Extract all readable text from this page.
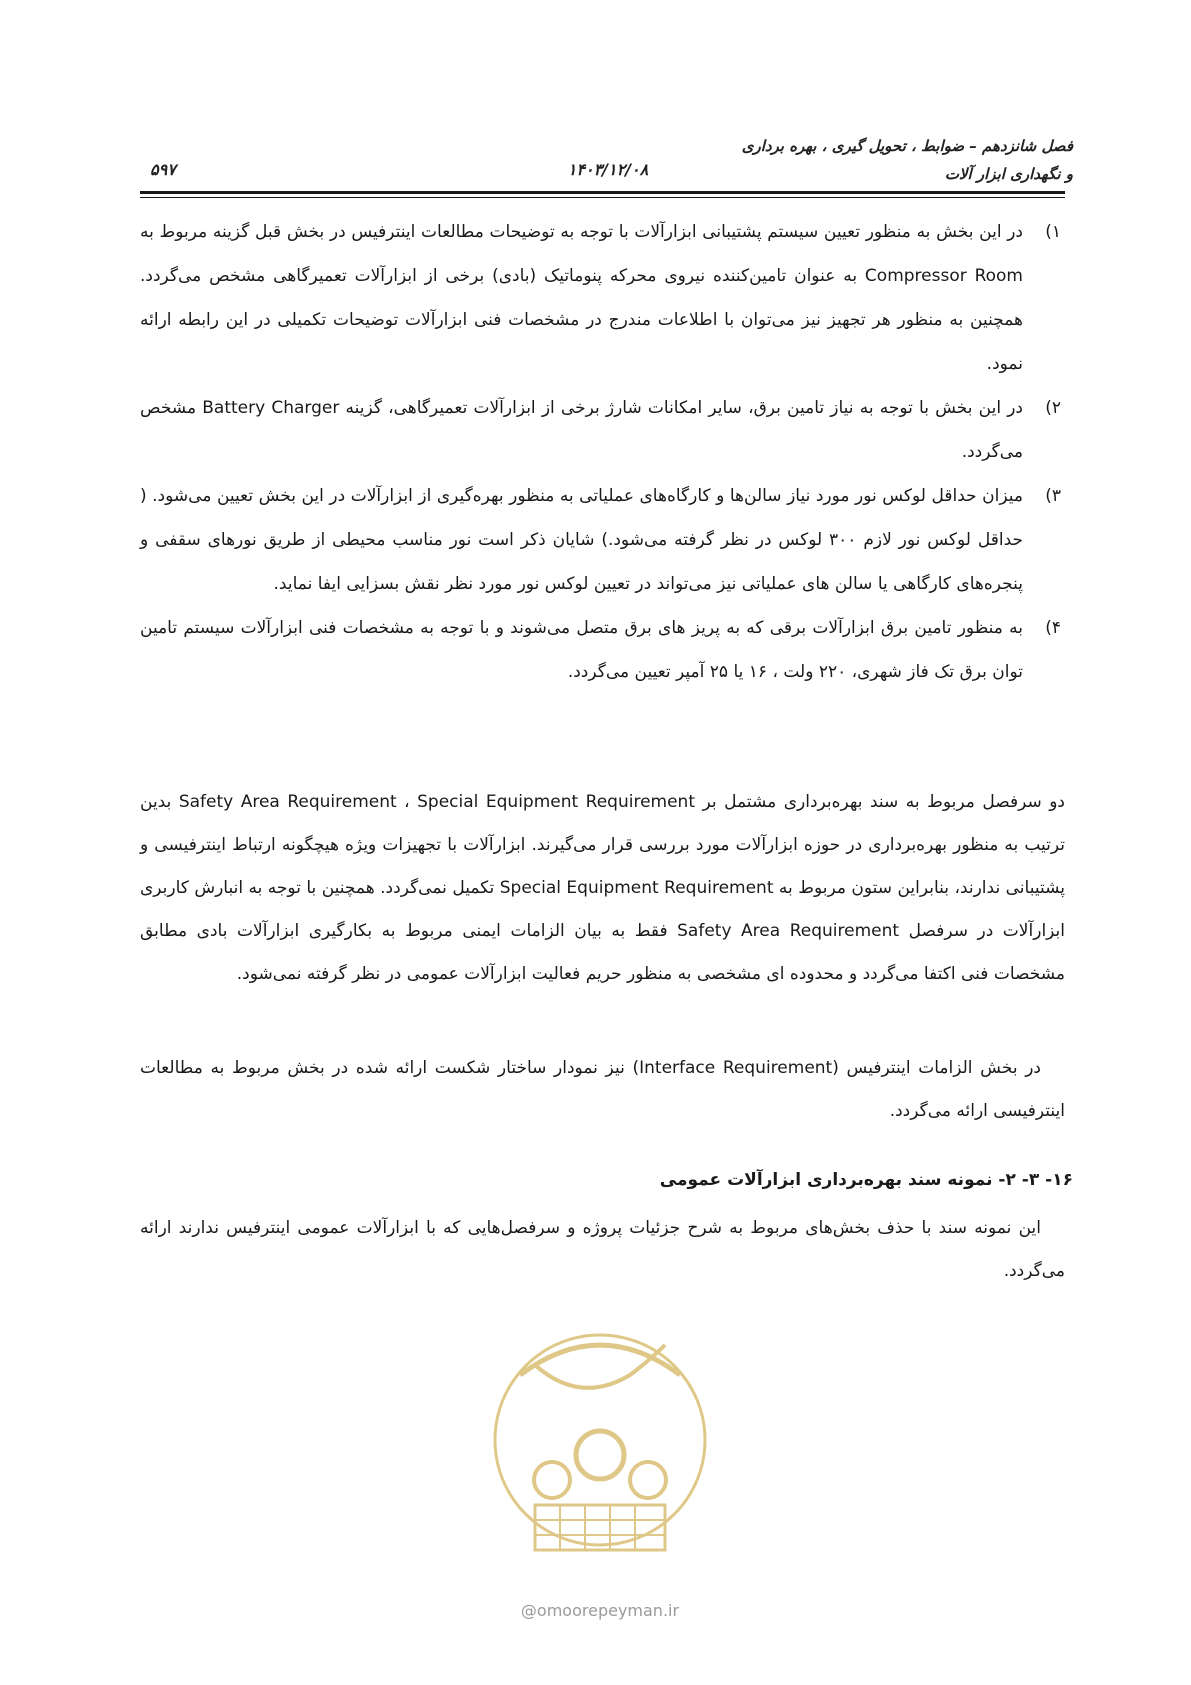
فصل شانزدهم – ضوابط ، تحویل گیری ، بهره برداری
و نگهداری ابزار آلات
۱۴۰۳/۱۲/۰۸
۵۹۷
۱)
در این بخش به منظور تعیین سیستم پشتیبانی ابزارآلات با توجه به توضیحات مطالعات اینترفیس در بخش قبل گزینه مربوط به Compressor Room به عنوان تامین‌کننده نیروی محرکه پنوماتیک (بادی) برخی از ابزارآلات تعمیرگاهی مشخص می‌گردد. همچنین به منظور هر تجهیز نیز می‌توان با اطلاعات مندرج در مشخصات فنی ابزارآلات توضیحات تکمیلی در این رابطه ارائه نمود.
۲)
در این بخش با توجه به نیاز تامین برق، سایر امکانات شارژ برخی از ابزارآلات تعمیرگاهی، گزینه Battery Charger مشخص می‌گردد.
۳)
میزان حداقل لوکس نور مورد نیاز سالن‌ها و کارگاه‌های عملیاتی به منظور بهره‌گیری از ابزارآلات در این بخش تعیین می‌شود. ( حداقل لوکس نور لازم ۳۰۰ لوکس در نظر گرفته می‌شود.) شایان ذکر است نور مناسب محیطی از طریق نورهای سقفی و پنجره‌های کارگاهی یا سالن های عملیاتی نیز می‌تواند در تعیین لوکس نور مورد نظر نقش بسزایی ایفا نماید.
۴)
به منظور تامین برق ابزارآلات برقی که به پریز های برق متصل می‌شوند و با توجه به مشخصات فنی ابزارآلات سیستم تامین توان برق تک فاز شهری، ۲۲۰ ولت ، ۱۶ یا ۲۵ آمپر تعیین می‌گردد.

دو سرفصل مربوط به سند بهره‌برداری مشتمل بر Safety Area Requirement ، Special Equipment Requirement بدین ترتیب به منظور بهره‌برداری در حوزه ابزارآلات مورد بررسی قرار می‌گیرند. ابزارآلات با تجهیزات ویژه هیچگونه ارتباط اینترفیسی و پشتیبانی ندارند، بنابراین ستون مربوط به Special Equipment Requirement تکمیل نمی‌گردد. همچنین با توجه به انبارش کاربری ابزارآلات در سرفصل Safety Area Requirement فقط به بیان الزامات ایمنی مربوط به بکارگیری ابزارآلات بادی مطابق مشخصات فنی اکتفا می‌گردد و محدوده ای مشخصی به منظور حریم فعالیت ابزارآلات عمومی در نظر گرفته نمی‌شود.

در بخش الزامات اینترفیس (Interface Requirement) نیز نمودار ساختار شکست ارائه شده در بخش مربوط به مطالعات اینترفیسی ارائه می‌گردد.

۱۶- ۳- ۲- نمونه سند بهره‌برداری ابزارآلات عمومی

این نمونه سند با حذف بخش‌های مربوط به شرح جزئیات پروژه و سرفصل‌هایی که با ابزارآلات عمومی اینترفیس ندارند ارائه می‌گردد.

@omoorepeyman.ir
